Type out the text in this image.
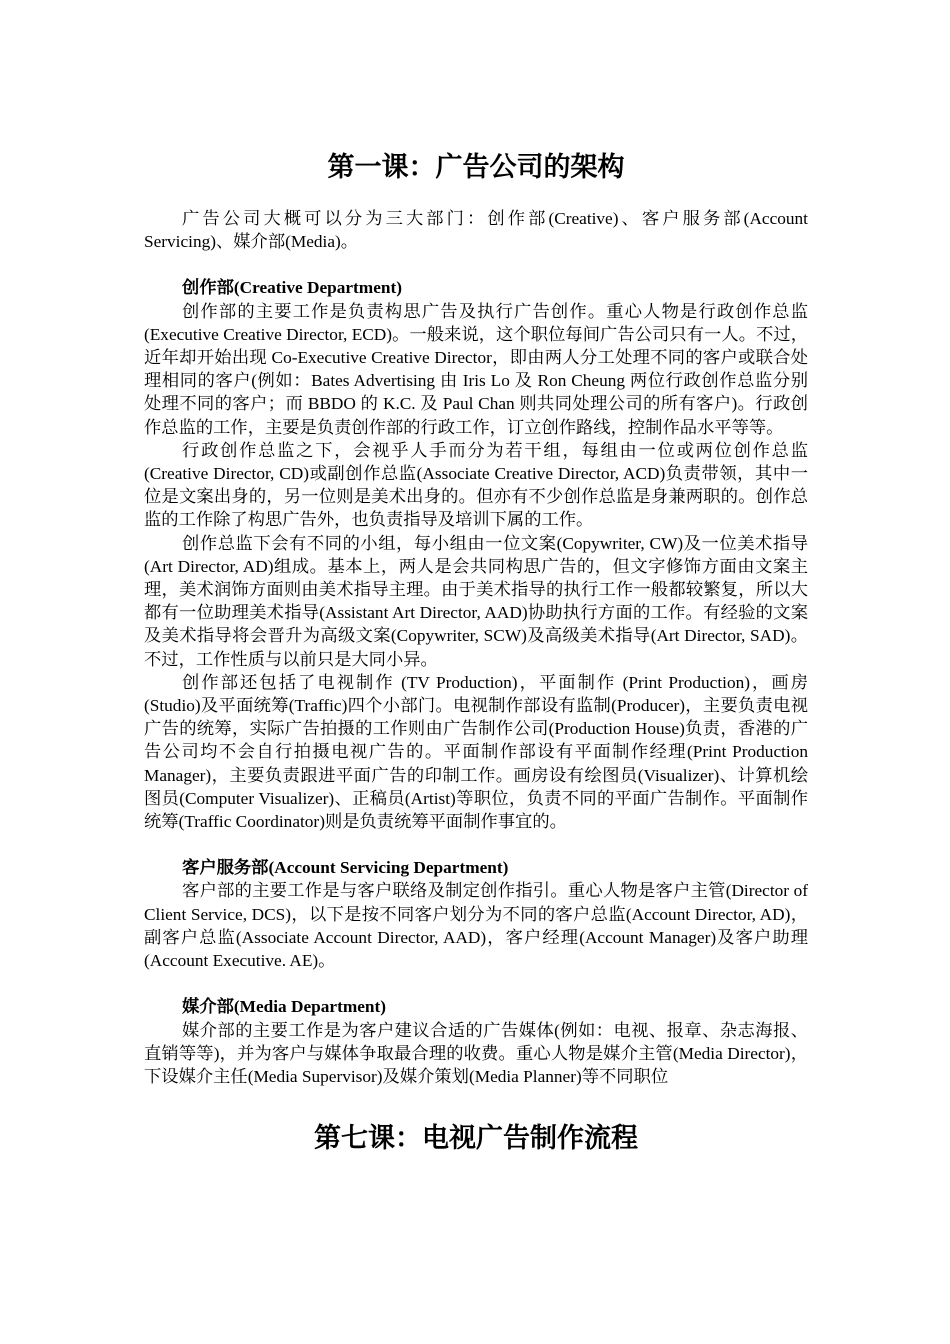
第一课：广告公司的架构

广告公司大概可以分为三大部门：创作部(Creative)、客户服务部(Account Servicing)、媒介部(Media)。

创作部(Creative Department)

创作部的主要工作是负责构思广告及执行广告创作。重心人物是行政创作总监(Executive Creative Director, ECD)。一般来说，这个职位每间广告公司只有一人。不过，近年却开始出现 Co-Executive Creative Director，即由两人分工处理不同的客户或联合处理相同的客户(例如：Bates Advertising 由 Iris Lo 及 Ron Cheung 两位行政创作总监分别处理不同的客户；而 BBDO 的 K.C. 及 Paul Chan 则共同处理公司的所有客户)。行政创作总监的工作，主要是负责创作部的行政工作，订立创作路线，控制作品水平等等。

行政创作总监之下，会视乎人手而分为若干组，每组由一位或两位创作总监(Creative Director, CD)或副创作总监(Associate Creative Director, ACD)负责带领，其中一位是文案出身的，另一位则是美术出身的。但亦有不少创作总监是身兼两职的。创作总监的工作除了构思广告外，也负责指导及培训下属的工作。

创作总监下会有不同的小组，每小组由一位文案(Copywriter, CW)及一位美术指导(Art Director, AD)组成。基本上，两人是会共同构思广告的，但文字修饰方面由文案主理，美术润饰方面则由美术指导主理。由于美术指导的执行工作一般都较繁复，所以大都有一位助理美术指导(Assistant Art Director, AAD)协助执行方面的工作。有经验的文案及美术指导将会晋升为高级文案(Copywriter, SCW)及高级美术指导(Art Director, SAD)。不过，工作性质与以前只是大同小异。

创作部还包括了电视制作 (TV Production)，平面制作 (Print Production)，画房(Studio)及平面统筹(Traffic)四个小部门。电视制作部设有监制(Producer)，主要负责电视广告的统筹，实际广告拍摄的工作则由广告制作公司(Production House)负责，香港的广告公司均不会自行拍摄电视广告的。平面制作部设有平面制作经理(Print Production Manager)，主要负责跟进平面广告的印制工作。画房设有绘图员(Visualizer)、计算机绘图员(Computer Visualizer)、正稿员(Artist)等职位，负责不同的平面广告制作。平面制作统筹(Traffic Coordinator)则是负责统筹平面制作事宜的。

客户服务部(Account Servicing Department)

客户部的主要工作是与客户联络及制定创作指引。重心人物是客户主管(Director of Client Service, DCS)，以下是按不同客户划分为不同的客户总监(Account Director, AD)，副客户总监(Associate Account Director, AAD)，客户经理(Account Manager)及客户助理(Account Executive. AE)。

媒介部(Media Department)

媒介部的主要工作是为客户建议合适的广告媒体(例如：电视、报章、杂志海报、直销等等)，并为客户与媒体争取最合理的收费。重心人物是媒介主管(Media Director)，下设媒介主任(Media Supervisor)及媒介策划(Media Planner)等不同职位

第七课：电视广告制作流程
